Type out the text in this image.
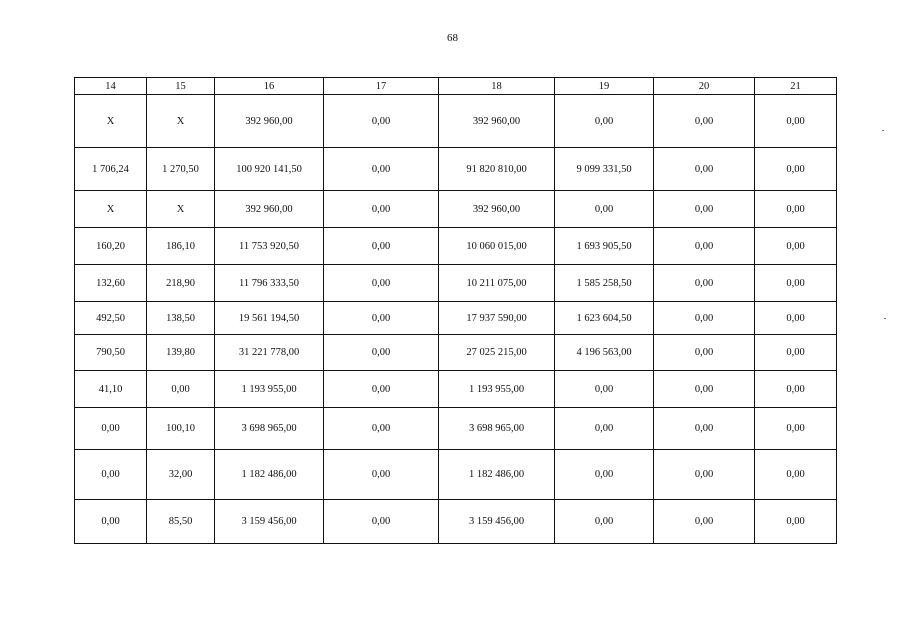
68
14	15	16	17	18	19	20	21
X	X	392 960,00	0,00	392 960,00	0,00	0,00	0,00
1 706,24	1 270,50	100 920 141,50	0,00	91 820 810,00	9 099 331,50	0,00	0,00
X	X	392 960,00	0,00	392 960,00	0,00	0,00	0,00
160,20	186,10	11 753 920,50	0,00	10 060 015,00	1 693 905,50	0,00	0,00
132,60	218,90	11 796 333,50	0,00	10 211 075,00	1 585 258,50	0,00	0,00
492,50	138,50	19 561 194,50	0,00	17 937 590,00	1 623 604,50	0,00	0,00
790,50	139,80	31 221 778,00	0,00	27 025 215,00	4 196 563,00	0,00	0,00
41,10	0,00	1 193 955,00	0,00	1 193 955,00	0,00	0,00	0,00
0,00	100,10	3 698 965,00	0,00	3 698 965,00	0,00	0,00	0,00
0,00	32,00	1 182 486,00	0,00	1 182 486,00	0,00	0,00	0,00
0,00	85,50	3 159 456,00	0,00	3 159 456,00	0,00	0,00	0,00
